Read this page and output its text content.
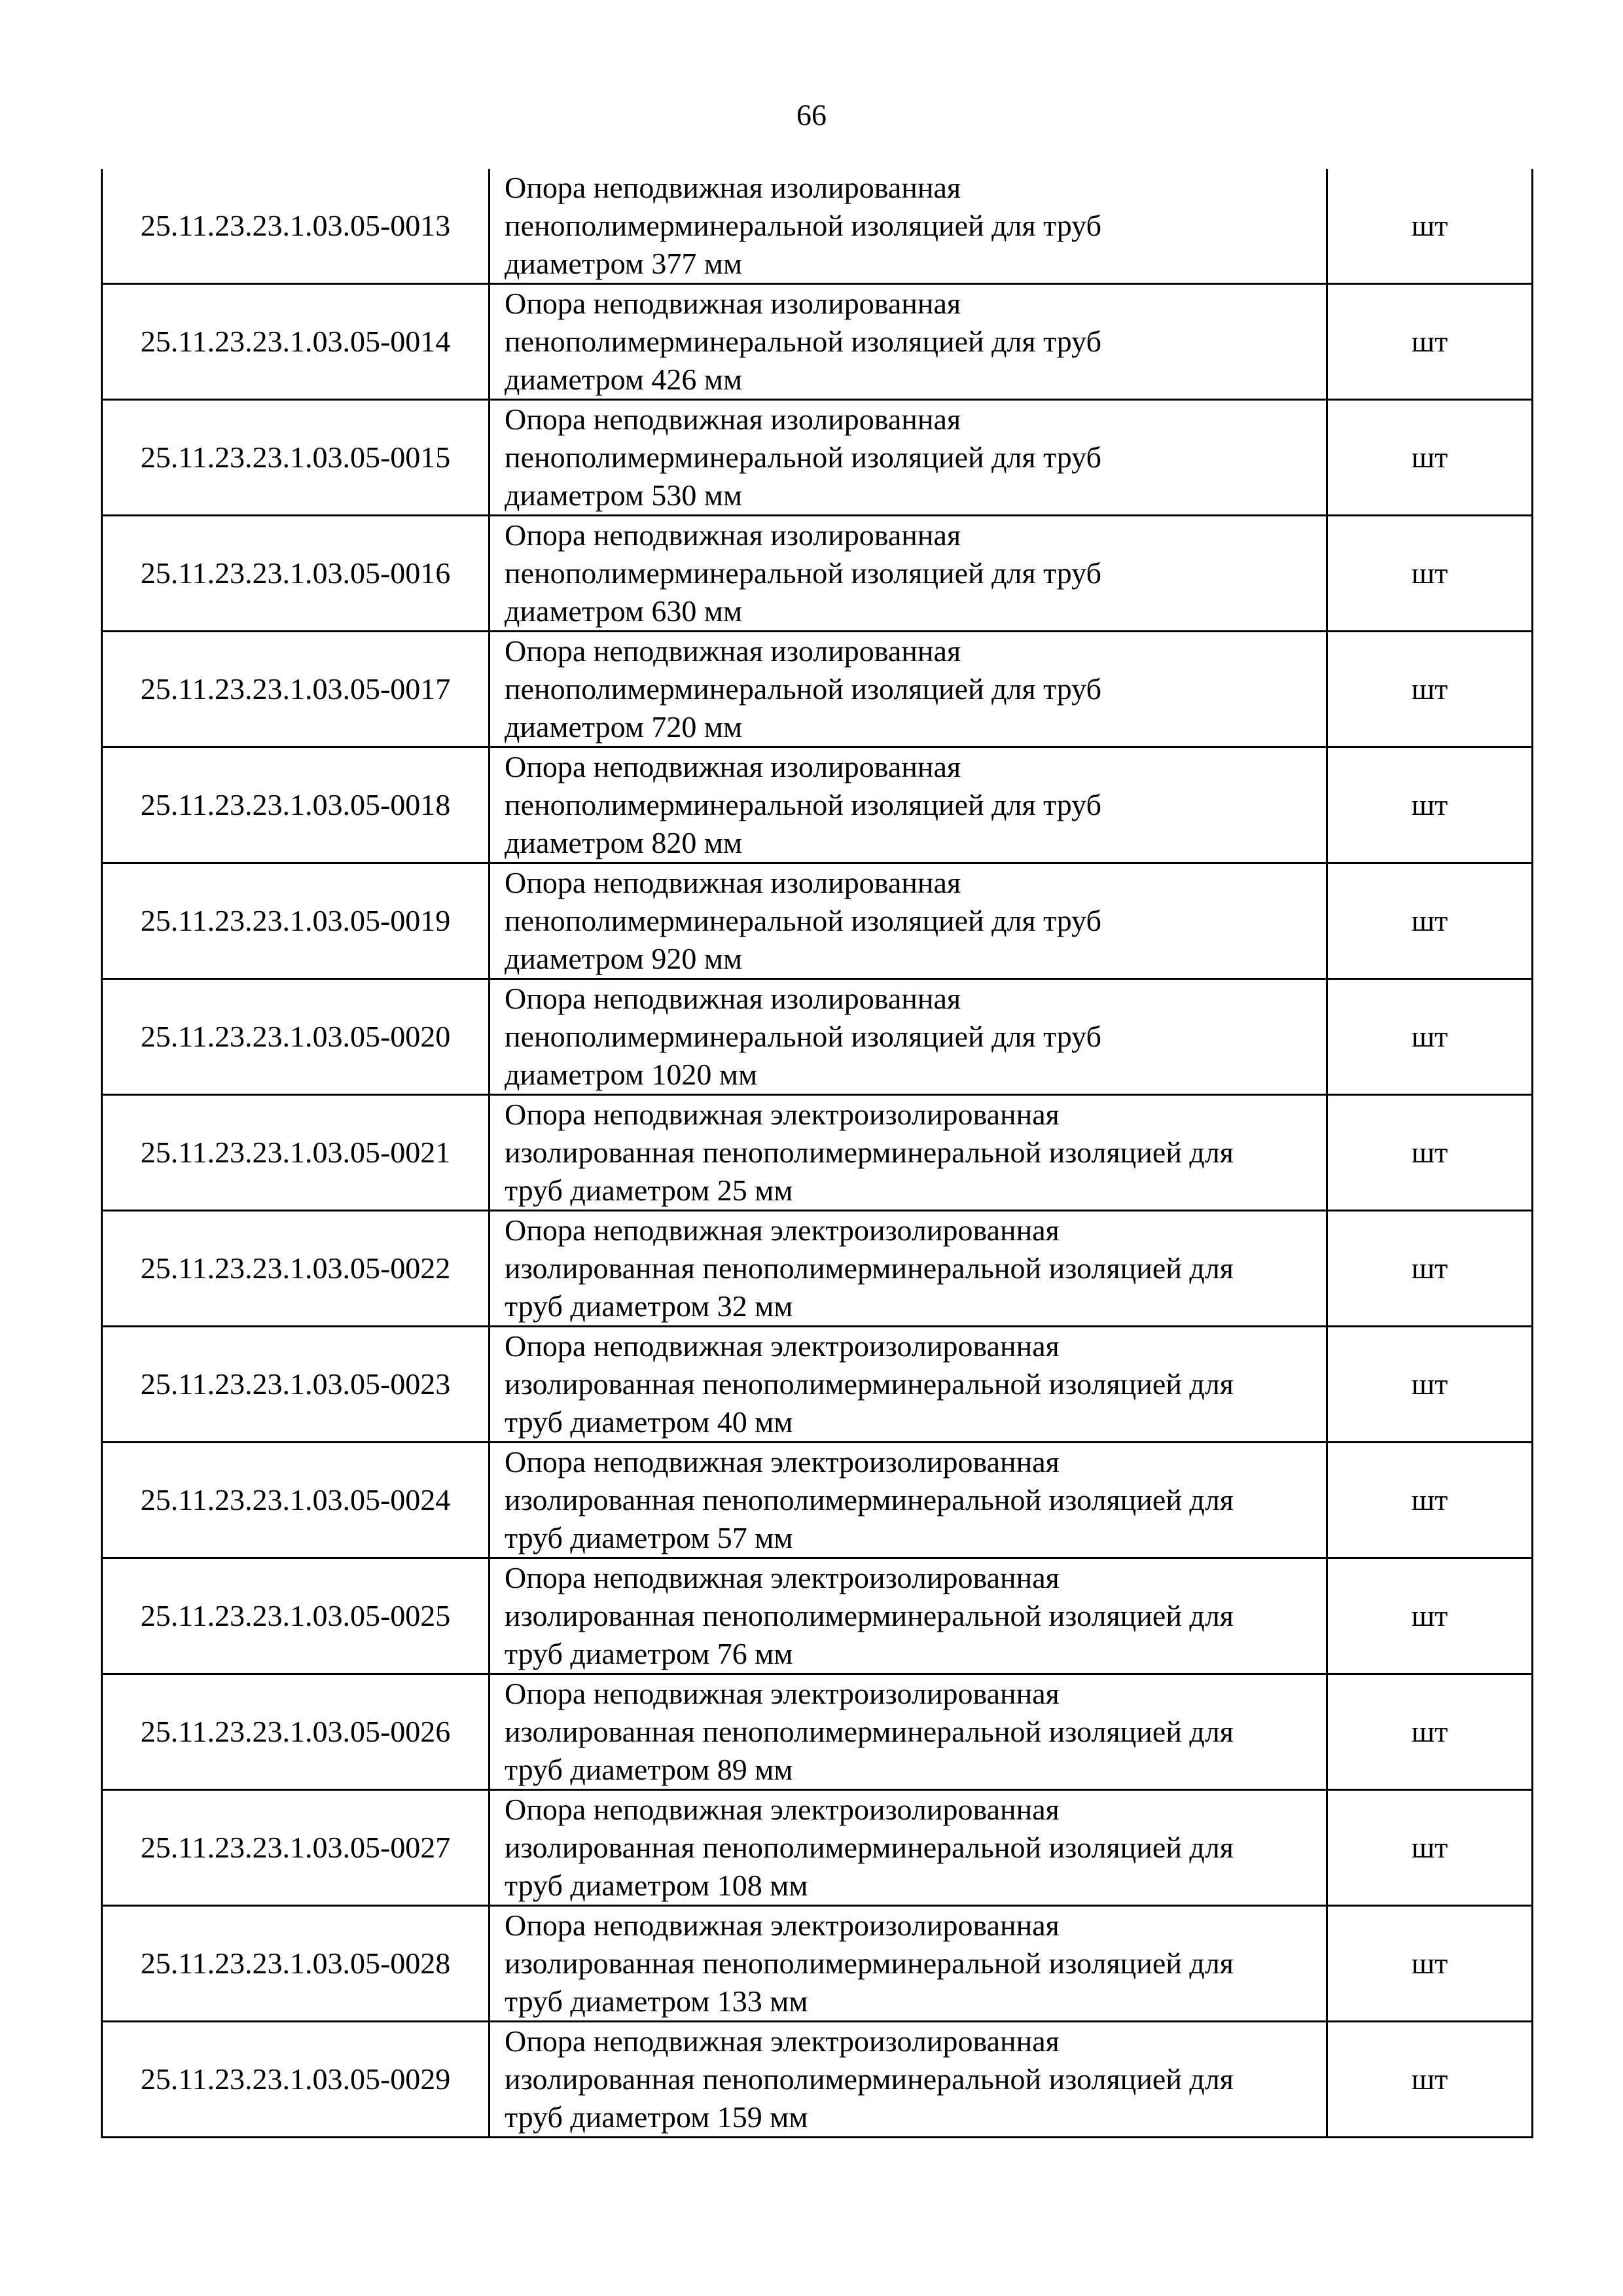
66
25.11.23.23.1.03.05-0013	Опора неподвижная изолированная
пенополимерминеральной изоляцией для труб
диаметром 377 мм	шт
25.11.23.23.1.03.05-0014	Опора неподвижная изолированная
пенополимерминеральной изоляцией для труб
диаметром 426 мм	шт
25.11.23.23.1.03.05-0015	Опора неподвижная изолированная
пенополимерминеральной изоляцией для труб
диаметром 530 мм	шт
25.11.23.23.1.03.05-0016	Опора неподвижная изолированная
пенополимерминеральной изоляцией для труб
диаметром 630 мм	шт
25.11.23.23.1.03.05-0017	Опора неподвижная изолированная
пенополимерминеральной изоляцией для труб
диаметром 720 мм	шт
25.11.23.23.1.03.05-0018	Опора неподвижная изолированная
пенополимерминеральной изоляцией для труб
диаметром 820 мм	шт
25.11.23.23.1.03.05-0019	Опора неподвижная изолированная
пенополимерминеральной изоляцией для труб
диаметром 920 мм	шт
25.11.23.23.1.03.05-0020	Опора неподвижная изолированная
пенополимерминеральной изоляцией для труб
диаметром 1020 мм	шт
25.11.23.23.1.03.05-0021	Опора неподвижная электроизолированная
изолированная пенополимерминеральной изоляцией для
труб диаметром 25 мм	шт
25.11.23.23.1.03.05-0022	Опора неподвижная электроизолированная
изолированная пенополимерминеральной изоляцией для
труб диаметром 32 мм	шт
25.11.23.23.1.03.05-0023	Опора неподвижная электроизолированная
изолированная пенополимерминеральной изоляцией для
труб диаметром 40 мм	шт
25.11.23.23.1.03.05-0024	Опора неподвижная электроизолированная
изолированная пенополимерминеральной изоляцией для
труб диаметром 57 мм	шт
25.11.23.23.1.03.05-0025	Опора неподвижная электроизолированная
изолированная пенополимерминеральной изоляцией для
труб диаметром 76 мм	шт
25.11.23.23.1.03.05-0026	Опора неподвижная электроизолированная
изолированная пенополимерминеральной изоляцией для
труб диаметром 89 мм	шт
25.11.23.23.1.03.05-0027	Опора неподвижная электроизолированная
изолированная пенополимерминеральной изоляцией для
труб диаметром 108 мм	шт
25.11.23.23.1.03.05-0028	Опора неподвижная электроизолированная
изолированная пенополимерминеральной изоляцией для
труб диаметром 133 мм	шт
25.11.23.23.1.03.05-0029	Опора неподвижная электроизолированная
изолированная пенополимерминеральной изоляцией для
труб диаметром 159 мм	шт
